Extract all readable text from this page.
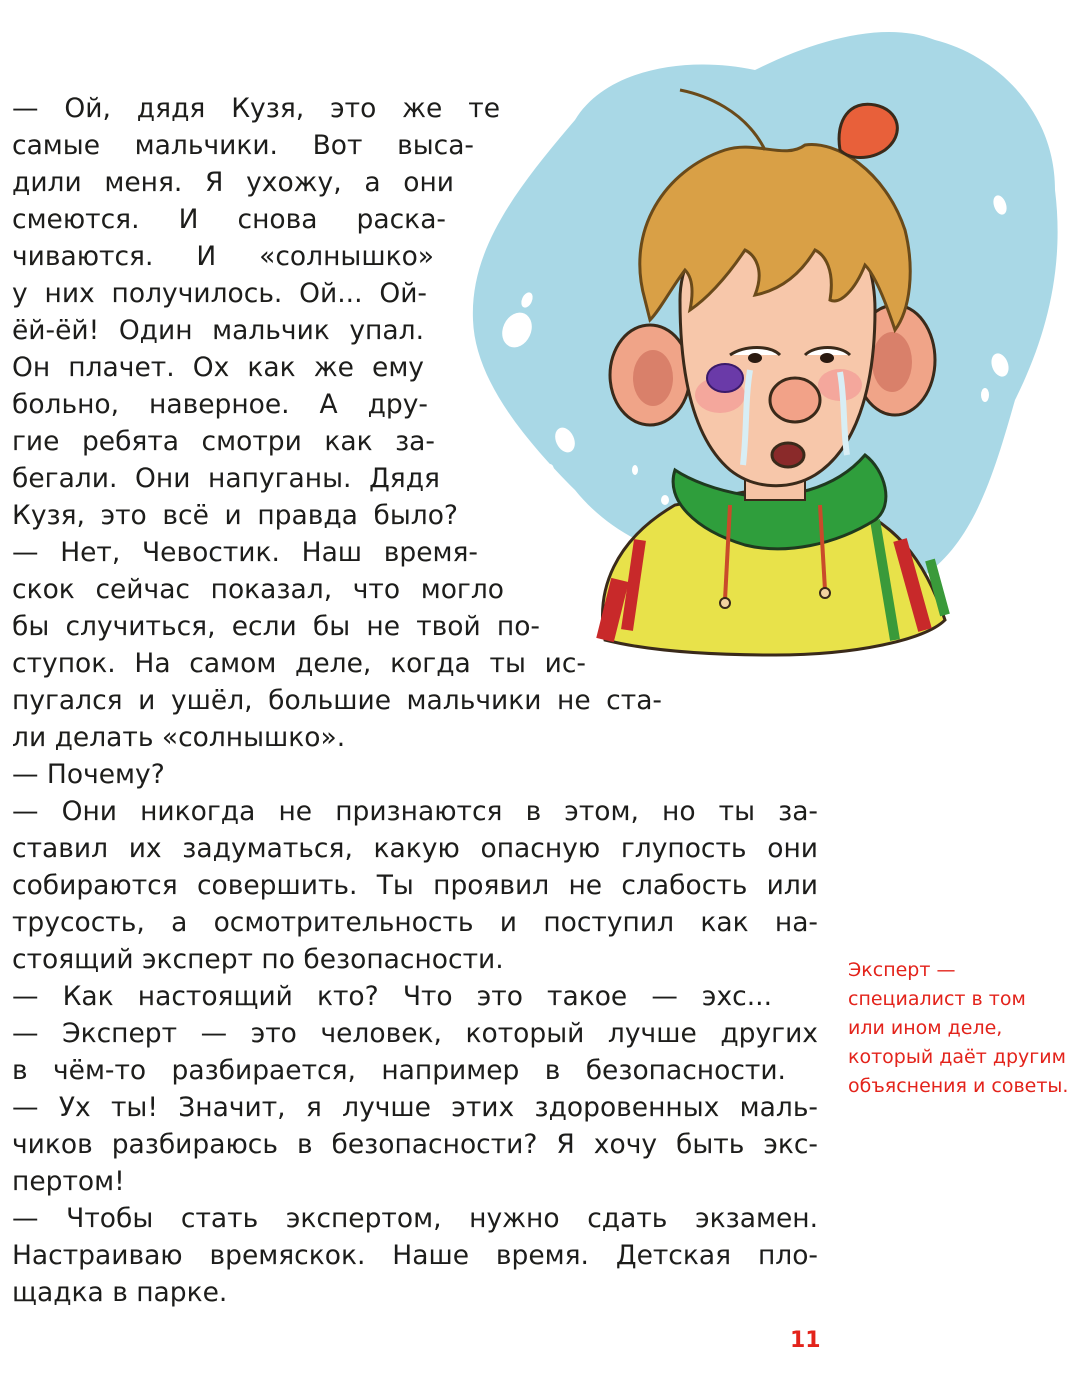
— Ой, дядя Кузя, это же те
самые мальчики. Вот выса-
дили меня. Я ухожу, а они
смеются. И снова раска-
чиваются. И «солнышко»
у них получилось. Ой... Ой-
ёй-ёй! Один мальчик упал.
Он плачет. Ох как же ему
больно, наверное. А дру-
гие ребята смотри как за-
бегали. Они напуганы. Дядя
Кузя, это всё и правда было?
— Нет, Чевостик. Наш время-
скок сейчас показал, что могло
бы случиться, если бы не твой по-
ступок. На самом деле, когда ты ис-
пугался и ушёл, большие мальчики не ста-
ли делать «солнышко».
— Почему?
— Они никогда не признаются в этом, но ты за-
ставил их задуматься, какую опасную глупость они
собираются совершить. Ты проявил не слабость или
трусость, а осмотрительность и поступил как на-
стоящий эксперт по безопасности.
— Как настоящий кто? Что это такое — эхс...
— Эксперт — это человек, который лучше других
в чём-то разбирается, например в безопасности.
— Ух ты! Значит, я лучше этих здоровенных маль-
чиков разбираюсь в безопасности? Я хочу быть экс-
пертом!
— Чтобы стать экспертом, нужно сдать экзамен.
Настраиваю времяскок. Наше время. Детская пло-
щадка в парке.
Эксперт —
специалист в том
или ином деле,
который даёт другим
объяснения и советы.
11
